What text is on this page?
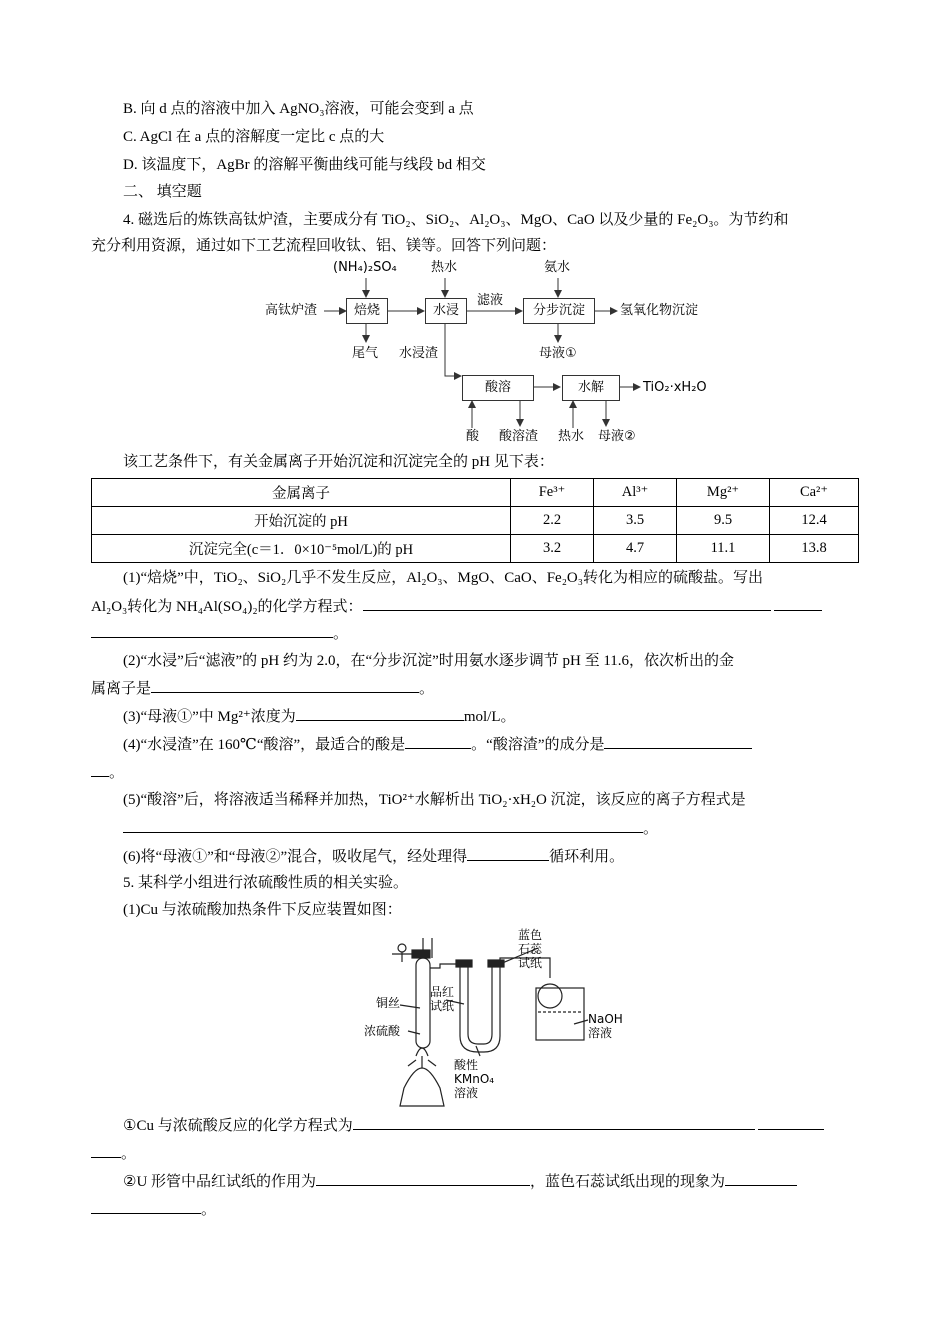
B. 向 d 点的溶液中加入 AgNO₃溶液，可能会变到 a 点
C. AgCl 在 a 点的溶解度一定比 c 点的大
D. 该温度下，AgBr 的溶解平衡曲线可能与线段 bd 相交
二、 填空题
4. 磁选后的炼铁高钛炉渣，主要成分有 TiO₂、SiO₂、Al₂O₃、MgO、CaO 以及少量的 Fe₂O₃。为节约和
充分利用资源，通过如下工艺流程回收钛、铝、镁等。回答下列问题：
(NH₄)₂SO₄	热水	氨水
高钛炉渣	焙烧	水浸
滤液
分步沉淀	氢氧化物沉淀
尾气 水浸渣	母液①
酸溶	水解	TiO₂·xH₂O
酸 酸溶渣 热水 母液②
该工艺条件下，有关金属离子开始沉淀和沉淀完全的 pH 见下表：
金属离子	Fe³⁺	Al³⁺	Mg²⁺	Ca²⁺
开始沉淀的 pH	2.2	3.5	9.5	12.4
沉淀完全(c＝1．0×10⁻⁵mol/L)的 pH	3.2	4.7	11.1	13.8
(1)“焙烧”中，TiO₂、SiO₂几乎不发生反应，Al₂O₃、MgO、CaO、Fe₂O₃转化为相应的硫酸盐。写出
Al₂O₃转化为 NH₄Al(SO₄)₂的化学方程式：
。
(2)“水浸”后“滤液”的 pH 约为 2.0，在“分步沉淀”时用氨水逐步调节 pH 至 11.6，依次析出的金
属离子是	。
(3)“母液①”中 Mg²⁺浓度为	mol/L。
(4)“水浸渣”在 160℃“酸溶”，最适合的酸是	。“酸溶渣”的成分是
。
(5)“酸溶”后，将溶液适当稀释并加热，TiO²⁺水解析出 TiO₂·xH₂O 沉淀，该反应的离子方程式是
。
(6)将“母液①”和“母液②”混合，吸收尾气，经处理得	循环利用。
5. 某科学小组进行浓硫酸性质的相关实验。
(1)Cu 与浓硫酸加热条件下反应装置如图：
蓝色
石蕊
试纸
铜丝
品红
试纸
浓硫酸
酸性
KMnO₄
溶液
NaOH
溶液
①Cu 与浓硫酸反应的化学方程式为
。
②U 形管中品红试纸的作用为	，蓝色石蕊试纸出现的现象为
。
